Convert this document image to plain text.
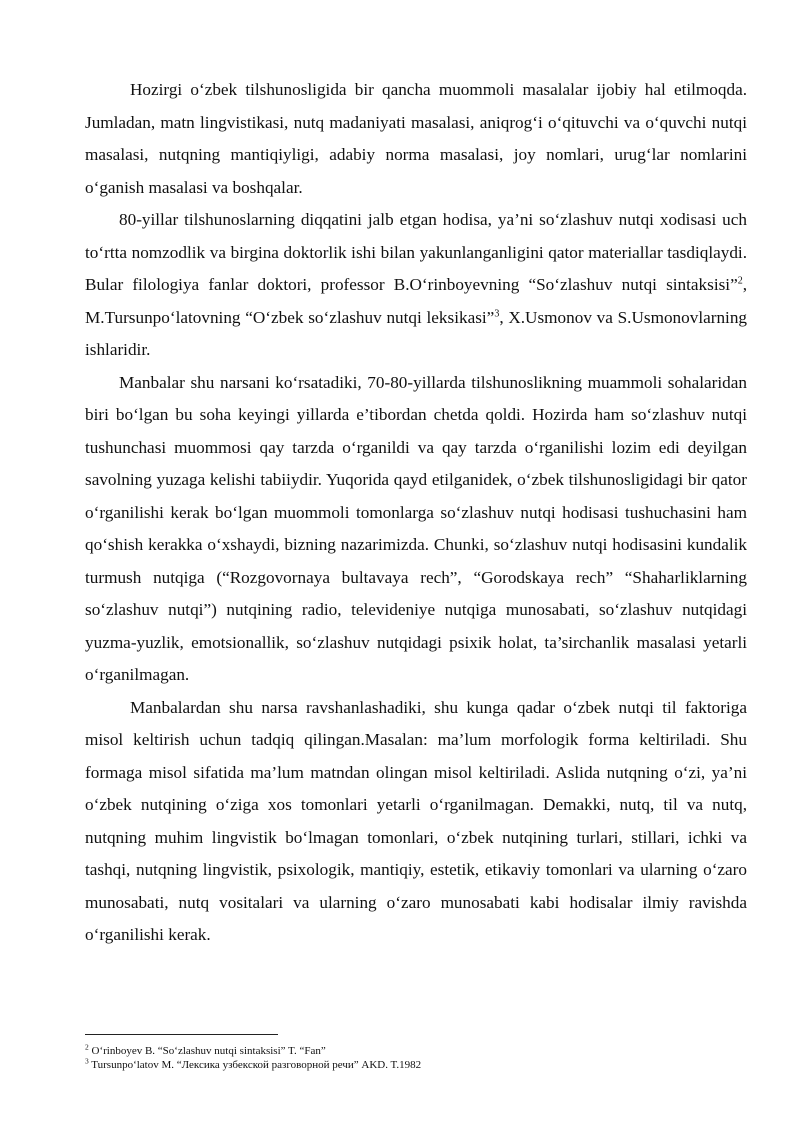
Hozirgi o‘zbek tilshunosligida bir qancha muommoli masalalar ijobiy hal etilmoqda. Jumladan, matn lingvistikasi, nutq madaniyati masalasi, aniqrog‘i o‘qituvchi va o‘quvchi nutqi masalasi, nutqning mantiqiyligi, adabiy norma masalasi, joy nomlari, urug‘lar nomlarini o‘ganish masalasi va boshqalar.

80-yillar tilshunoslarning diqqatini jalb etgan hodisa, ya’ni so‘zlashuv nutqi xodisasi uch to‘rtta nomzodlik va birgina doktorlik ishi bilan yakunlanganligini qator materiallar tasdiqlaydi. Bular filologiya fanlar doktori, professor B.O‘rinboyevning “So‘zlashuv nutqi sintaksisi”$^2$, M.Tursunpo‘latovning “O‘zbek so‘zlashuv nutqi leksikasi”$^3$, X.Usmonov va S.Usmonovlarning ishlaridir.

Manbalar shu narsani ko‘rsatadiki, 70-80-yillarda tilshunoslikning muammoli sohalaridan biri bo‘lgan bu soha keyingi yillarda e’tibordan chetda qoldi. Hozirda ham so‘zlashuv nutqi tushunchasi muommosi qay tarzda o‘rganildi va qay tarzda o‘rganilishi lozim edi deyilgan savolning yuzaga kelishi tabiiydir. Yuqorida qayd etilganidek, o‘zbek tilshunosligidagi bir qator o‘rganilishi kerak bo‘lgan muommoli tomonlarga so‘zlashuv nutqi hodisasi tushuchasini ham qo‘shish kerakka o‘xshaydi, bizning nazarimizda. Chunki, so‘zlashuv nutqi hodisasini kundalik turmush nutqiga (“Rozgovornaya bultavaya rech”, “Gorodskaya rech” “Shaharliklarning so‘zlashuv nutqi”) nutqining radio, televideniye nutqiga munosabati, so‘zlashuv nutqidagi yuzma-yuzlik, emotsionallik, so‘zlashuv nutqidagi psixik holat, ta’sirchanlik masalasi yetarli o‘rganilmagan.

Manbalardan shu narsa ravshanlashadiki, shu kunga qadar o‘zbek nutqi til faktoriga misol keltirish uchun tadqiq qilingan.Masalan: ma’lum morfologik forma keltiriladi. Shu formaga misol sifatida ma’lum matndan olingan misol keltiriladi. Aslida nutqning o‘zi, ya’ni o‘zbek nutqining o‘ziga xos tomonlari yetarli o‘rganilmagan. Demakki, nutq, til va nutq, nutqning muhim lingvistik bo‘lmagan tomonlari, o‘zbek nutqining turlari, stillari, ichki va tashqi, nutqning lingvistik, psixologik, mantiqiy, estetik, etikaviy tomonlari va ularning o‘zaro munosabati, nutq vositalari va ularning o‘zaro munosabati kabi hodisalar ilmiy ravishda o‘rganilishi kerak.

$^2$ O‘rinboyev B. “So‘zlashuv nutqi sintaksisi” T. “Fan”
$^3$ Tursunpo‘latov M. “Лексика узбекской разговорной речи” AKD. T.1982
